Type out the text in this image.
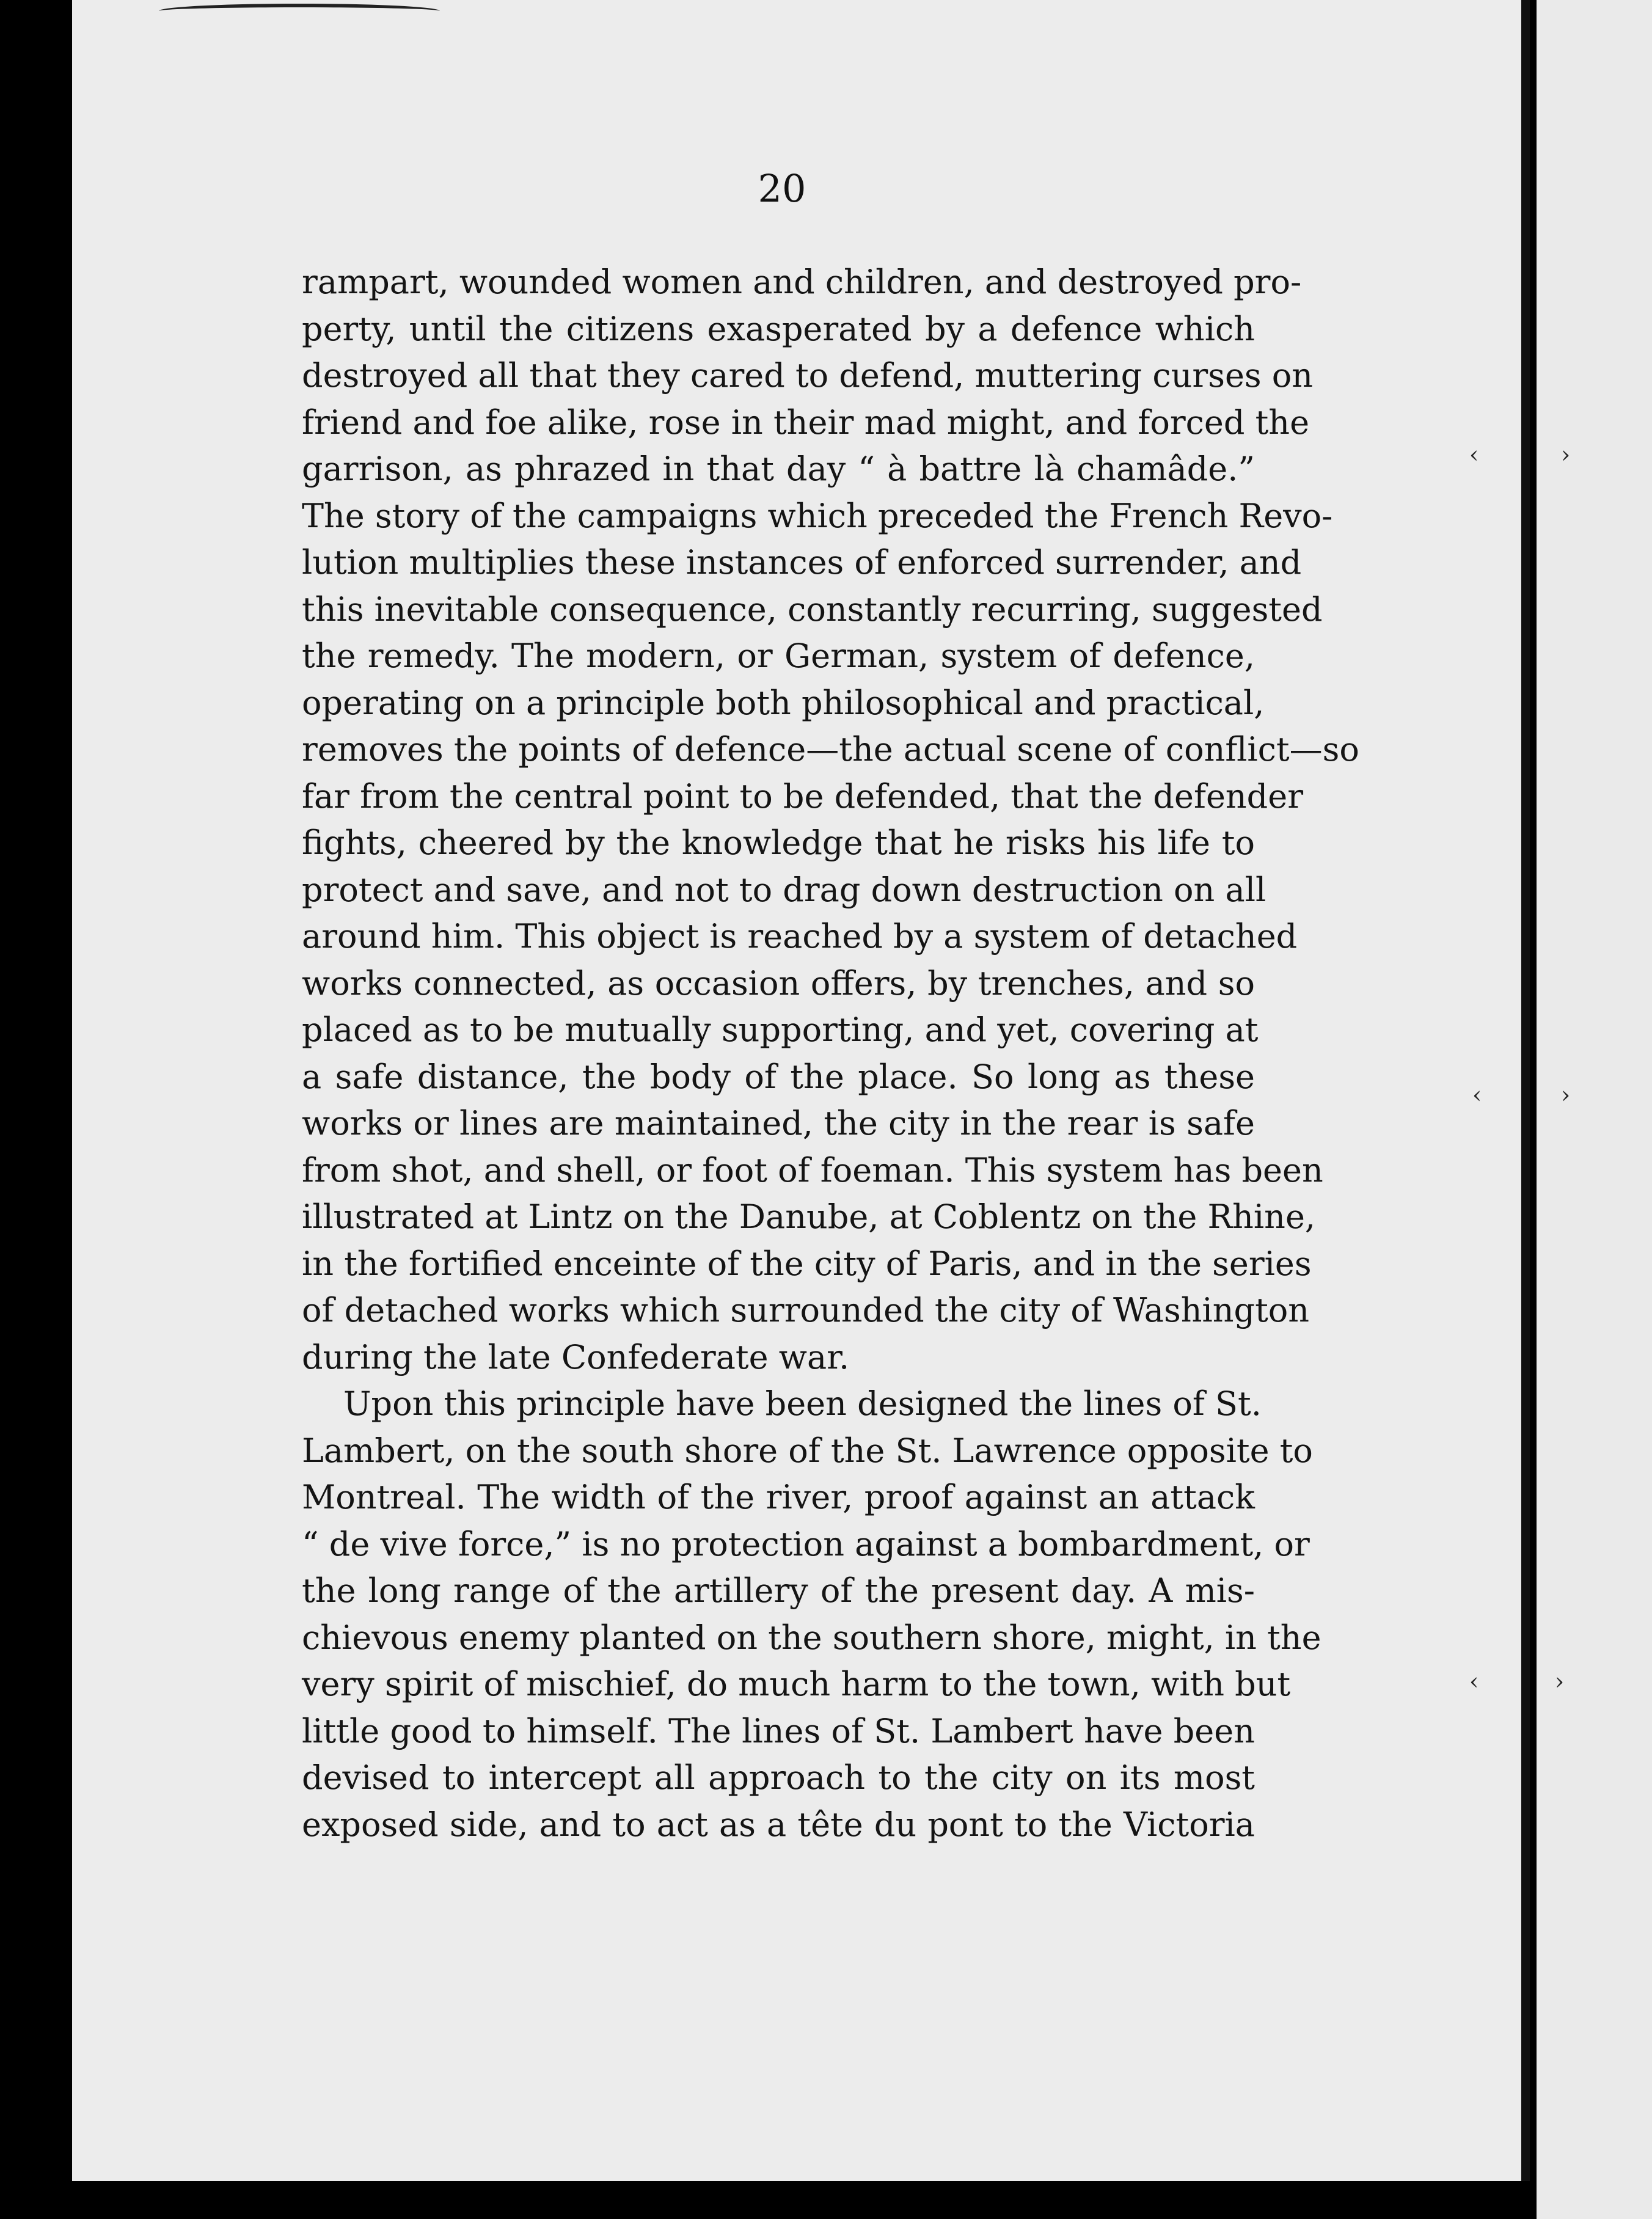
‹	›
‹	›
‹	›
20
rampart, wounded women and children, and destroyed pro-
perty, until the citizens exasperated by a defence which
destroyed all that they cared to defend, muttering curses on
friend and foe alike, rose in their mad might, and forced the
garrison, as phrazed in that day “ à battre là chamâde.”
The story of the campaigns which preceded the French Revo-
lution multiplies these instances of enforced surrender, and
this inevitable consequence, constantly recurring, suggested
the remedy. The modern, or German, system of defence,
operating on a principle both philosophical and practical,
removes the points of defence—the actual scene of conflict—so
far from the central point to be defended, that the defender
fights, cheered by the knowledge that he risks his life to
protect and save, and not to drag down destruction on all
around him. This object is reached by a system of detached
works connected, as occasion offers, by trenches, and so
placed as to be mutually supporting, and yet, covering at
a safe distance, the body of the place. So long as these
works or lines are maintained, the city in the rear is safe
from shot, and shell, or foot of foeman. This system has been
illustrated at Lintz on the Danube, at Coblentz on the Rhine,
in the fortified enceinte of the city of Paris, and in the series
of detached works which surrounded the city of Washington
during the late Confederate war.
Upon this principle have been designed the lines of St.
Lambert, on the south shore of the St. Lawrence opposite to
Montreal. The width of the river, proof against an attack
“ de vive force,” is no protection against a bombardment, or
the long range of the artillery of the present day. A mis-
chievous enemy planted on the southern shore, might, in the
very spirit of mischief, do much harm to the town, with but
little good to himself. The lines of St. Lambert have been
devised to intercept all approach to the city on its most
exposed side, and to act as a tête du pont to the Victoria
